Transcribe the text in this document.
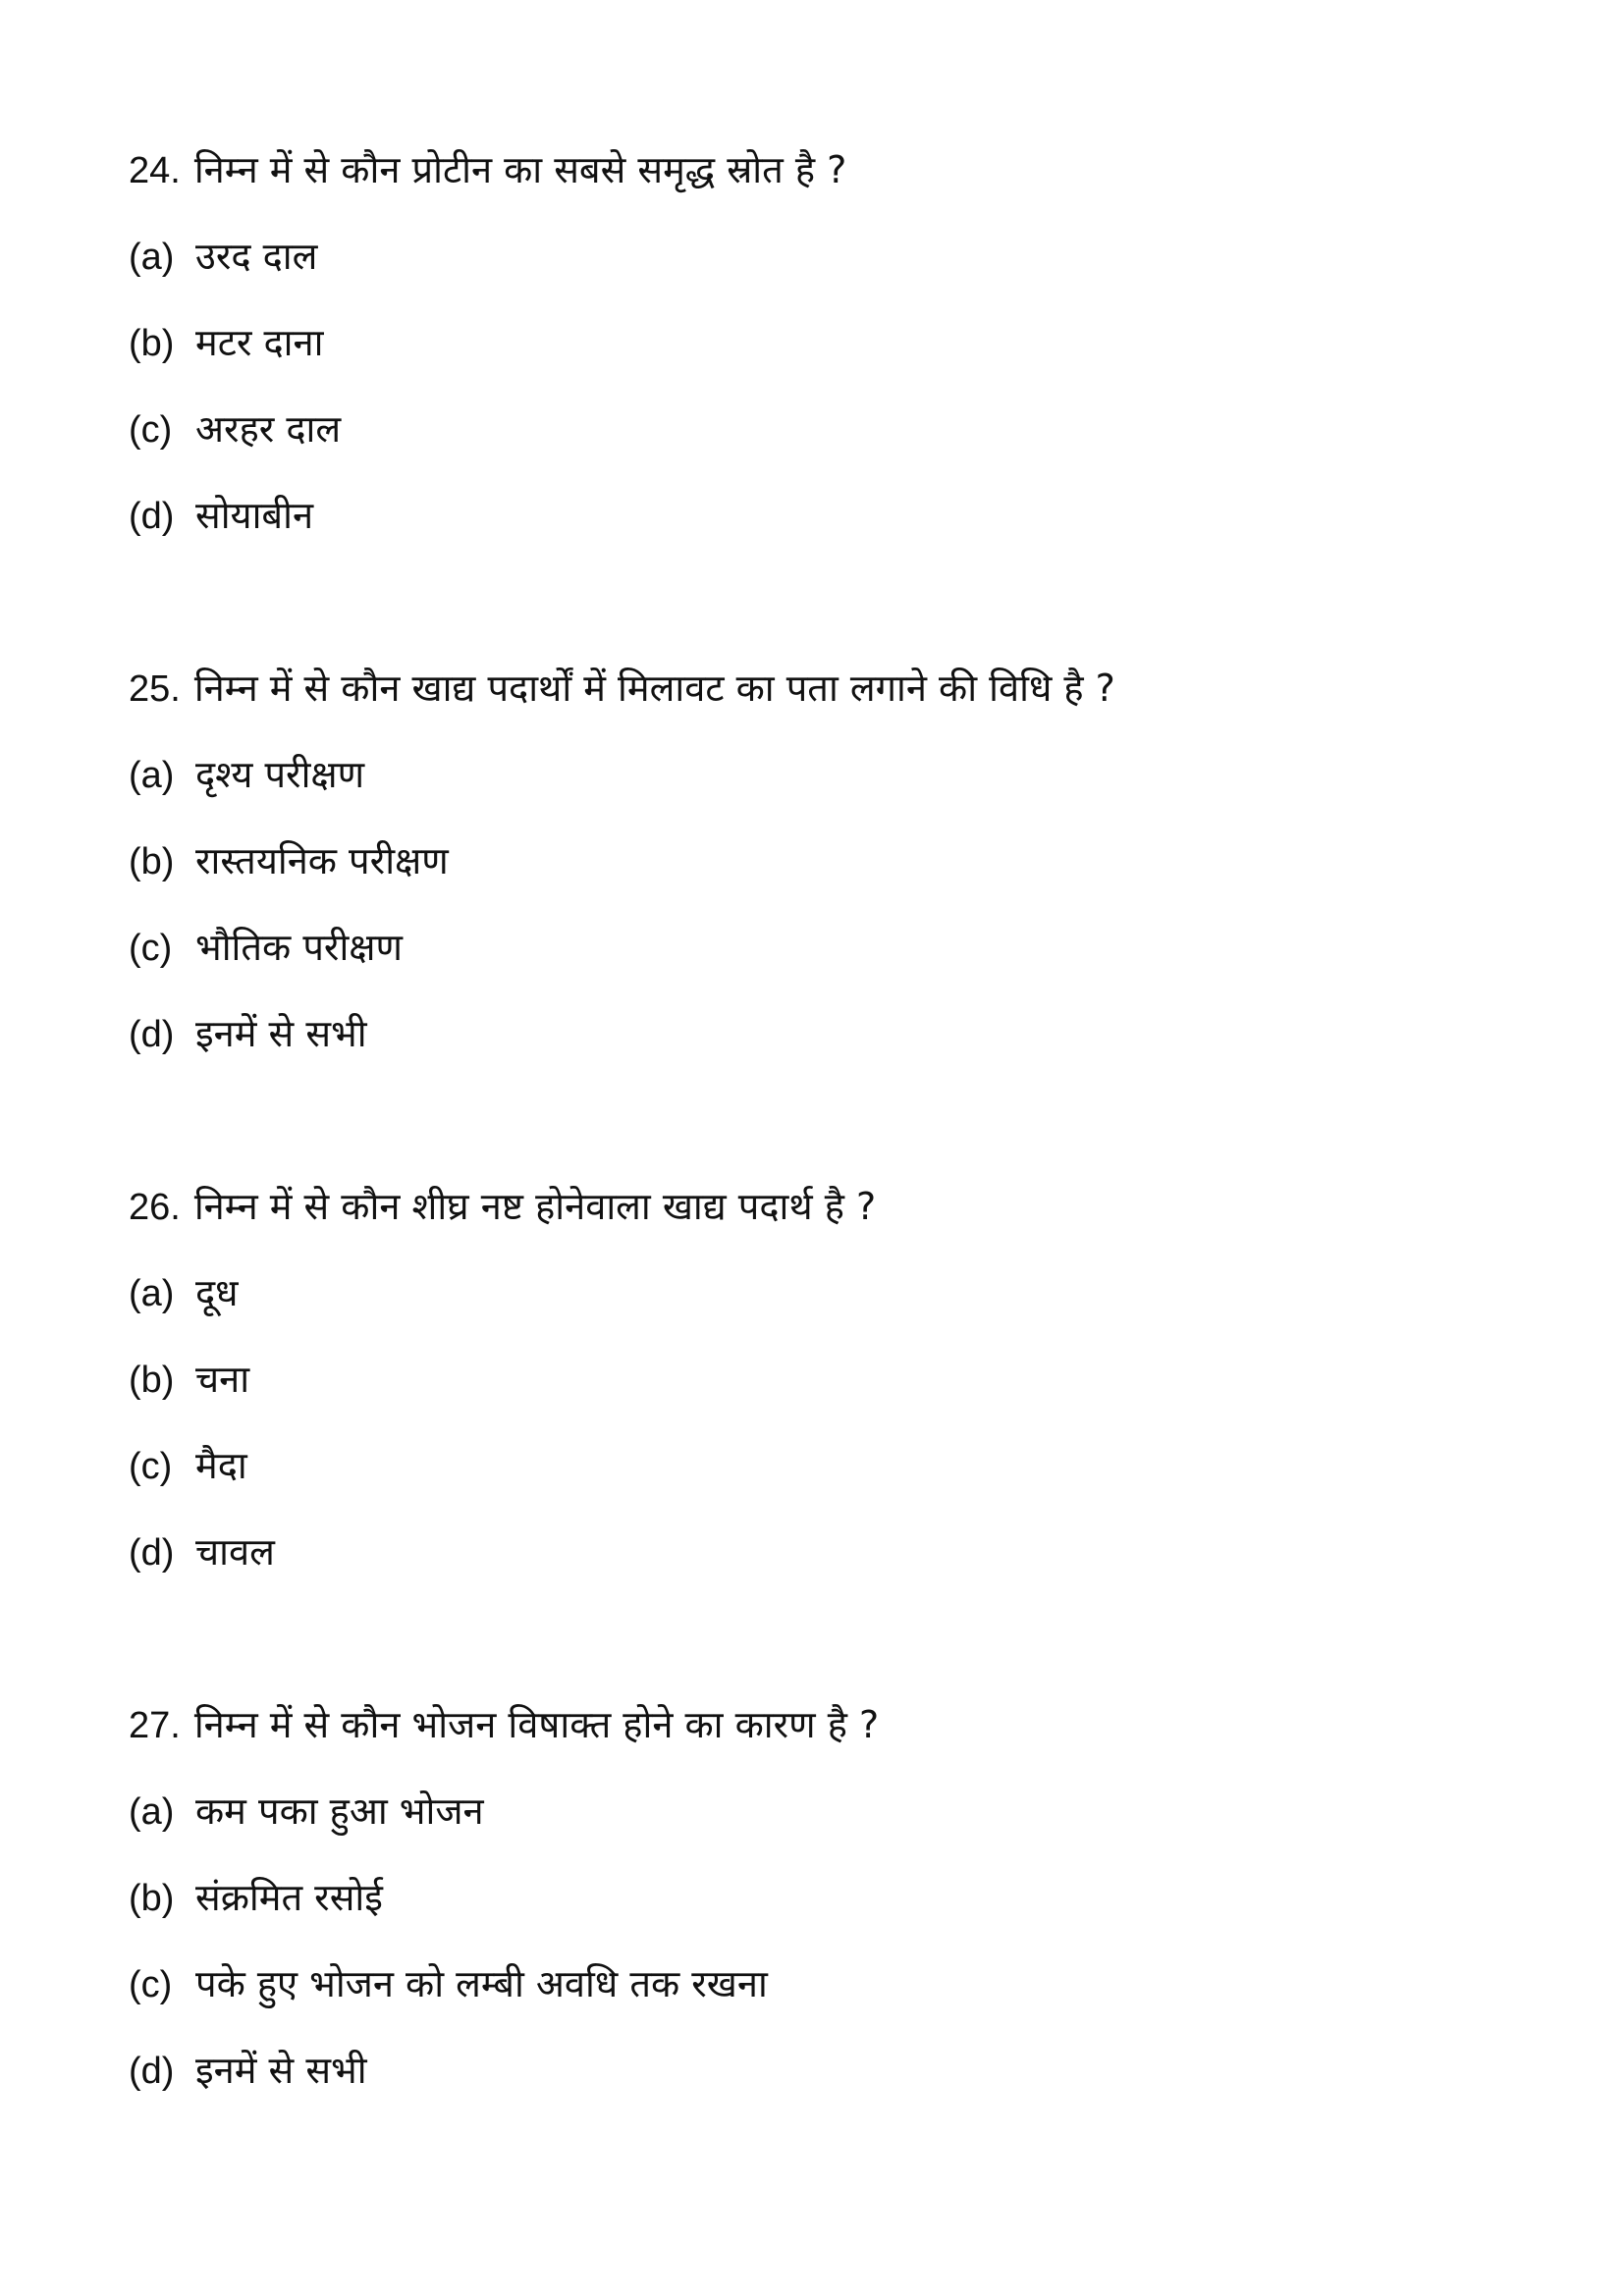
24. निम्न में से कौन प्रोटीन का सबसे समृद्ध स्रोत है ?
(a) उरद दाल
(b) मटर दाना
(c) अरहर दाल
(d) सोयाबीन
25. निम्न में से कौन खाद्य पदार्थों में मिलावट का पता लगाने की विधि है ?
(a) दृश्य परीक्षण
(b) रास्तयनिक परीक्षण
(c) भौतिक परीक्षण
(d) इनमें से सभी
26. निम्न में से कौन शीघ्र नष्ट होनेवाला खाद्य पदार्थ है ?
(a) दूध
(b) चना
(c) मैदा
(d) चावल
27. निम्न में से कौन भोजन विषाक्त होने का कारण है ?
(a) कम पका हुआ भोजन
(b) संक्रमित रसोई
(c) पके हुए भोजन को लम्बी अवधि तक रखना
(d) इनमें से सभी
